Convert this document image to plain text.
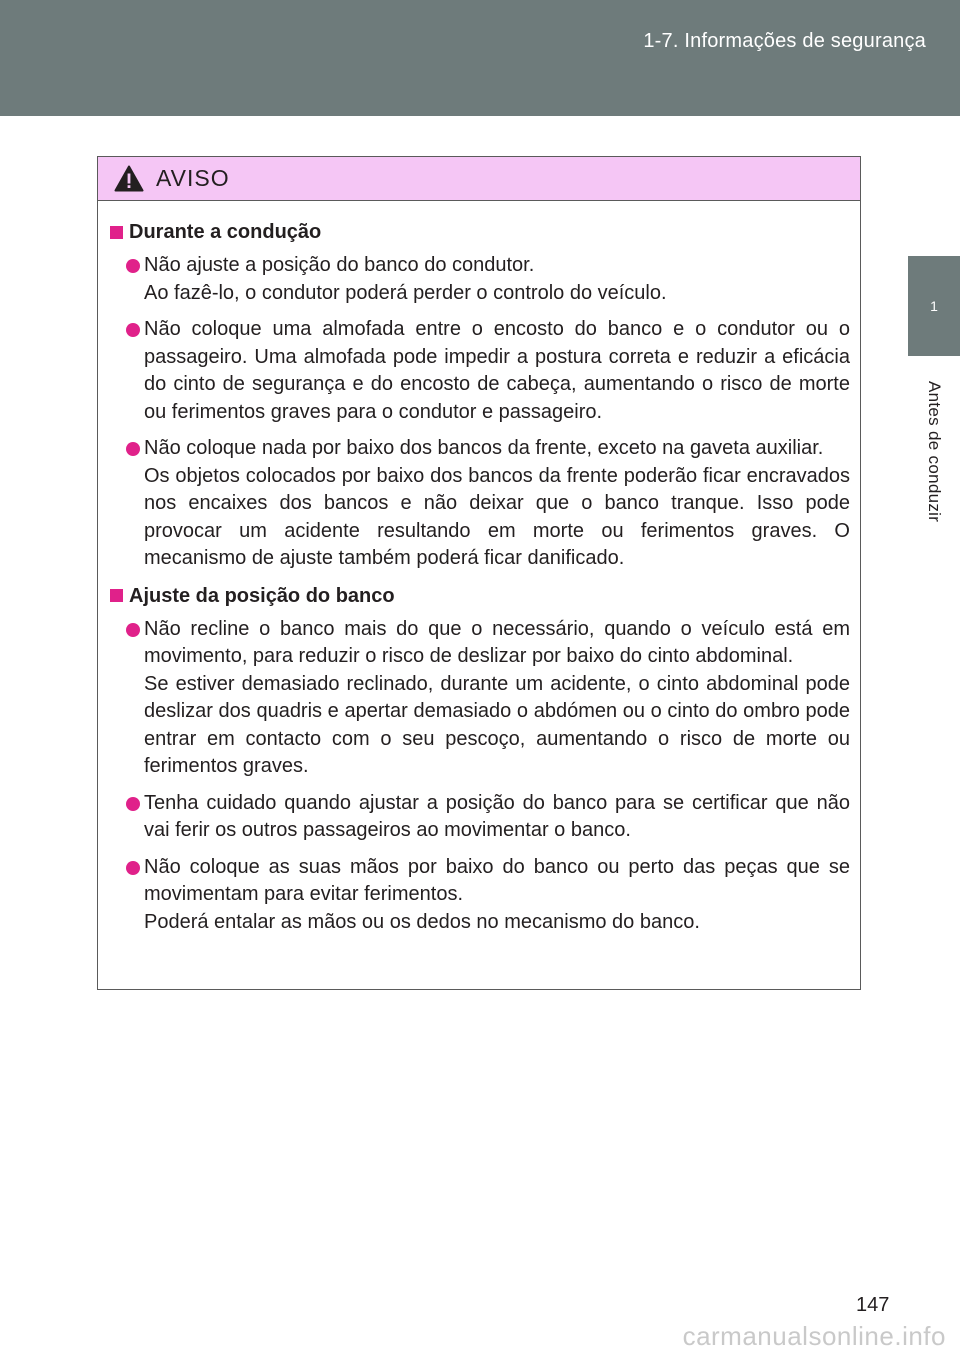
1-7. Informações de segurança
1
Antes de conduzir
AVISO
Durante a condução

Não ajuste a posição do banco do condutor.

Ao fazê-lo, o condutor poderá perder o controlo do veículo.

Não coloque uma almofada entre o encosto do banco e o condutor ou o passageiro. Uma almofada pode impedir a postura correta e reduzir a eficácia do cinto de segurança e do encosto de cabeça, aumentando o risco de morte ou ferimentos graves para o condutor e passageiro.

Não coloque nada por baixo dos bancos da frente, exceto na gaveta auxiliar.

Os objetos colocados por baixo dos bancos da frente poderão ficar encravados nos encaixes dos bancos e não deixar que o banco tranque. Isso pode provocar um acidente resultando em morte ou ferimentos graves. O mecanismo de ajuste também poderá ficar danificado.

Ajuste da posição do banco

Não recline o banco mais do que o necessário, quando o veículo está em movimento, para reduzir o risco de deslizar por baixo do cinto abdominal.

Se estiver demasiado reclinado, durante um acidente, o cinto abdominal pode deslizar dos quadris e apertar demasiado o abdómen ou o cinto do ombro pode entrar em contacto com o seu pescoço, aumentando o risco de morte ou ferimentos graves.

Tenha cuidado quando ajustar a posição do banco para se certificar que não vai ferir os outros passageiros ao movimentar o banco.

Não coloque as suas mãos por baixo do banco ou perto das peças que se movimentam para evitar ferimentos.

Poderá entalar as mãos ou os dedos no mecanismo do banco.

147
carmanualsonline.info
